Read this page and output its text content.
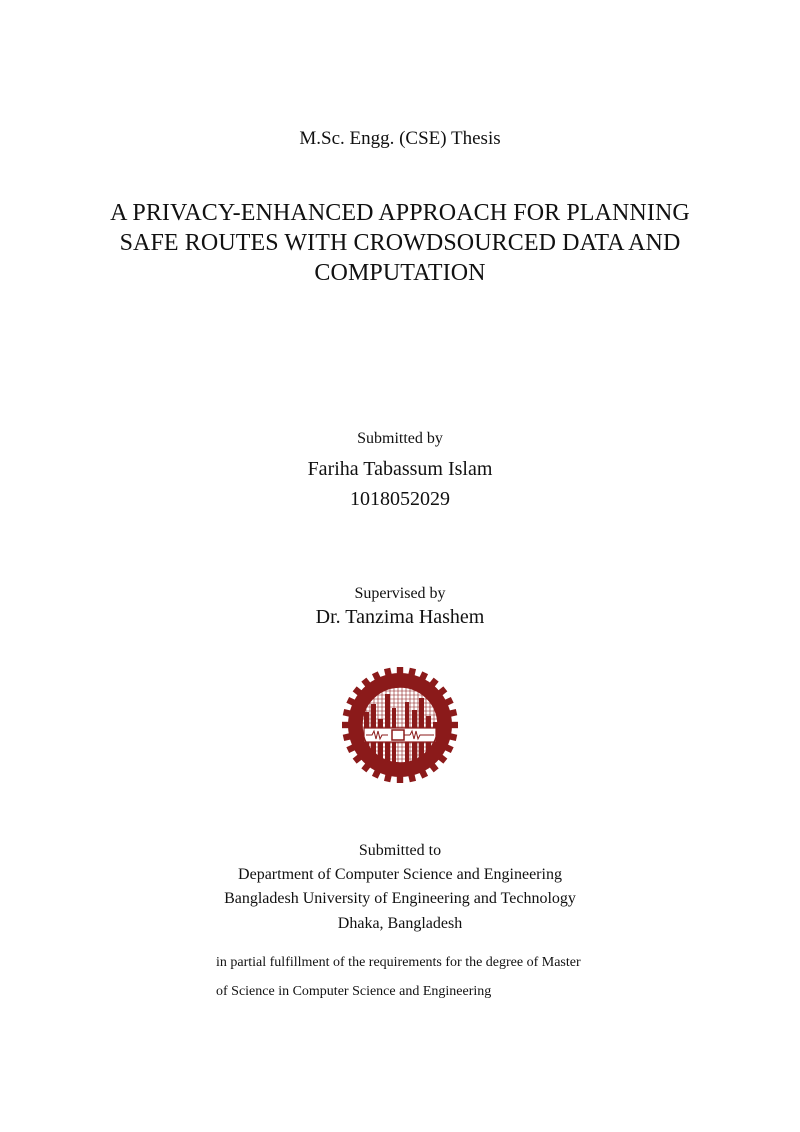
M.Sc. Engg. (CSE) Thesis
A PRIVACY-ENHANCED APPROACH FOR PLANNING
SAFE ROUTES WITH CROWDSOURCED DATA AND
COMPUTATION
Submitted by
Fariha Tabassum Islam
1018052029
Supervised by
Dr. Tanzima Hashem
Submitted to
Department of Computer Science and Engineering
Bangladesh University of Engineering and Technology
Dhaka, Bangladesh
in partial fulfillment of the requirements for the degree of Master
of Science in Computer Science and Engineering
